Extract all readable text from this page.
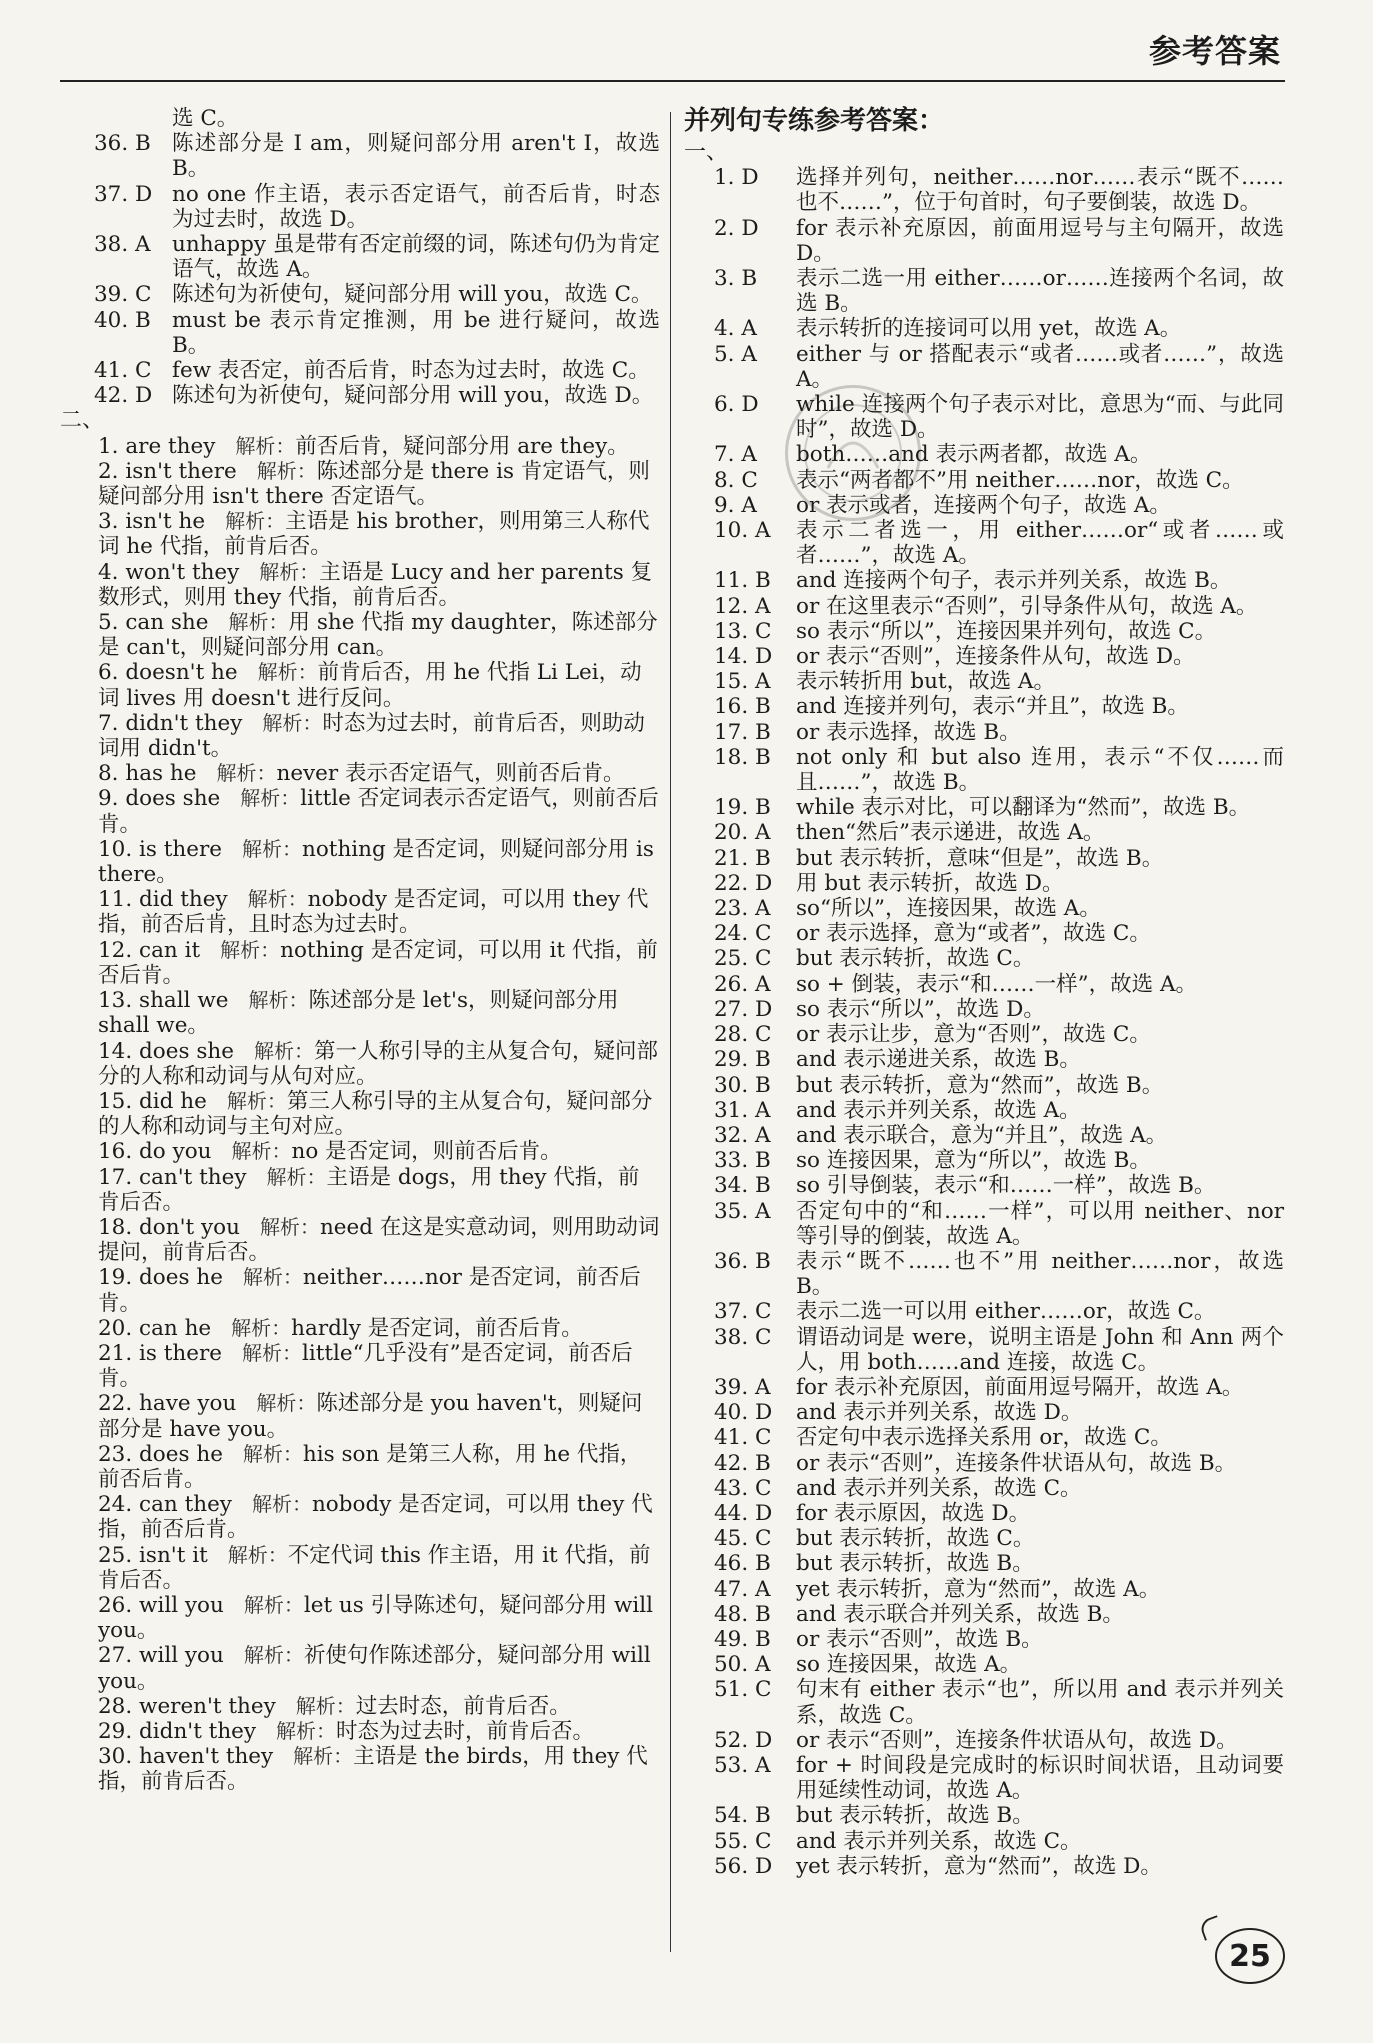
参考答案
选 C。
36. B 陈述部分是 I am，则疑问部分用 aren't I，故选 B。
37. D no one 作主语，表示否定语气，前否后肯，时态为过去时，故选 D。
38. A unhappy 虽是带有否定前缀的词，陈述句仍为肯定语气，故选 A。
39. C 陈述句为祈使句，疑问部分用 will you，故选 C。
40. B must be 表示肯定推测，用 be 进行疑问，故选 B。
41. C few 表否定，前否后肯，时态为过去时，故选 C。
42. D 陈述句为祈使句，疑问部分用 will you，故选 D。
二、
1. are they 解析：前否后肯，疑问部分用 are they。
2. isn't there 解析：陈述部分是 there is 肯定语气，则疑问部分用 isn't there 否定语气。
3. isn't he 解析：主语是 his brother，则用第三人称代词 he 代指，前肯后否。
4. won't they 解析：主语是 Lucy and her parents 复数形式，则用 they 代指，前肯后否。
5. can she 解析：用 she 代指 my daughter，陈述部分是 can't，则疑问部分用 can。
6. doesn't he 解析：前肯后否，用 he 代指 Li Lei，动词 lives 用 doesn't 进行反问。
7. didn't they 解析：时态为过去时，前肯后否，则助动词用 didn't。
8. has he 解析：never 表示否定语气，则前否后肯。
9. does she 解析：little 否定词表示否定语气，则前否后肯。
10. is there 解析：nothing 是否定词，则疑问部分用 is there。
11. did they 解析：nobody 是否定词，可以用 they 代指，前否后肯，且时态为过去时。
12. can it 解析：nothing 是否定词，可以用 it 代指，前否后肯。
13. shall we 解析：陈述部分是 let's，则疑问部分用 shall we。
14. does she 解析：第一人称引导的主从复合句，疑问部分的人称和动词与从句对应。
15. did he 解析：第三人称引导的主从复合句，疑问部分的人称和动词与主句对应。
16. do you 解析：no 是否定词，则前否后肯。
17. can't they 解析：主语是 dogs，用 they 代指，前肯后否。
18. don't you 解析：need 在这是实意动词，则用助动词提问，前肯后否。
19. does he 解析：neither……nor 是否定词，前否后肯。
20. can he 解析：hardly 是否定词，前否后肯。
21. is there 解析：little“几乎没有”是否定词，前否后肯。
22. have you 解析：陈述部分是 you haven't，则疑问部分是 have you。
23. does he 解析：his son 是第三人称，用 he 代指，前否后肯。
24. can they 解析：nobody 是否定词，可以用 they 代指，前否后肯。
25. isn't it 解析：不定代词 this 作主语，用 it 代指，前肯后否。
26. will you 解析：let us 引导陈述句，疑问部分用 will you。
27. will you 解析：祈使句作陈述部分，疑问部分用 will you。
28. weren't they 解析：过去时态，前肯后否。
29. didn't they 解析：时态为过去时，前肯后否。
30. haven't they 解析：主语是 the birds，用 they 代指，前肯后否。
并列句专练参考答案：
一、
1. D	选择并列句，neither……nor……表示“既不……也不……”，位于句首时，句子要倒装，故选 D。
2. D	for 表示补充原因，前面用逗号与主句隔开，故选 D。
3. B	表示二选一用 either……or……连接两个名词，故选 B。
4. A	表示转折的连接词可以用 yet，故选 A。
5. A	either 与 or 搭配表示“或者……或者……”，故选 A。
6. D	while 连接两个句子表示对比，意思为“而、与此同时”，故选 D。
7. A	both……and 表示两者都，故选 A。
8. C	表示“两者都不”用 neither……nor，故选 C。
9. A	or 表示或者，连接两个句子，故选 A。
10. A	表示二者选一，用 either……or“或者……或者……”，故选 A。
11. B	and 连接两个句子，表示并列关系，故选 B。
12. A	or 在这里表示“否则”，引导条件从句，故选 A。
13. C	so 表示“所以”，连接因果并列句，故选 C。
14. D	or 表示“否则”，连接条件从句，故选 D。
15. A	表示转折用 but，故选 A。
16. B	and 连接并列句，表示“并且”，故选 B。
17. B	or 表示选择，故选 B。
18. B	not only 和 but also 连用，表示“不仅……而且……”，故选 B。
19. B	while 表示对比，可以翻译为“然而”，故选 B。
20. A	then“然后”表示递进，故选 A。
21. B	but 表示转折，意味“但是”，故选 B。
22. D	用 but 表示转折，故选 D。
23. A	so“所以”，连接因果，故选 A。
24. C	or 表示选择，意为“或者”，故选 C。
25. C	but 表示转折，故选 C。
26. A	so + 倒装，表示“和……一样”，故选 A。
27. D	so 表示“所以”，故选 D。
28. C	or 表示让步，意为“否则”，故选 C。
29. B	and 表示递进关系，故选 B。
30. B	but 表示转折，意为“然而”，故选 B。
31. A	and 表示并列关系，故选 A。
32. A	and 表示联合，意为“并且”，故选 A。
33. B	so 连接因果，意为“所以”，故选 B。
34. B	so 引导倒装，表示“和……一样”，故选 B。
35. A	否定句中的“和……一样”，可以用 neither、nor 等引导的倒装，故选 A。
36. B	表示“既不……也不”用 neither……nor，故选 B。
37. C	表示二选一可以用 either……or，故选 C。
38. C	谓语动词是 were，说明主语是 John 和 Ann 两个人，用 both……and 连接，故选 C。
39. A	for 表示补充原因，前面用逗号隔开，故选 A。
40. D	and 表示并列关系，故选 D。
41. C	否定句中表示选择关系用 or，故选 C。
42. B	or 表示“否则”，连接条件状语从句，故选 B。
43. C	and 表示并列关系，故选 C。
44. D	for 表示原因，故选 D。
45. C	but 表示转折，故选 C。
46. B	but 表示转折，故选 B。
47. A	yet 表示转折，意为“然而”，故选 A。
48. B	and 表示联合并列关系，故选 B。
49. B	or 表示“否则”，故选 B。
50. A	so 连接因果，故选 A。
51. C	句末有 either 表示“也”，所以用 and 表示并列关系，故选 C。
52. D	or 表示“否则”，连接条件状语从句，故选 D。
53. A	for + 时间段是完成时的标识时间状语，且动词要用延续性动词，故选 A。
54. B	but 表示转折，故选 B。
55. C	and 表示并列关系，故选 C。
56. D	yet 表示转折，意为“然而”，故选 D。
25
